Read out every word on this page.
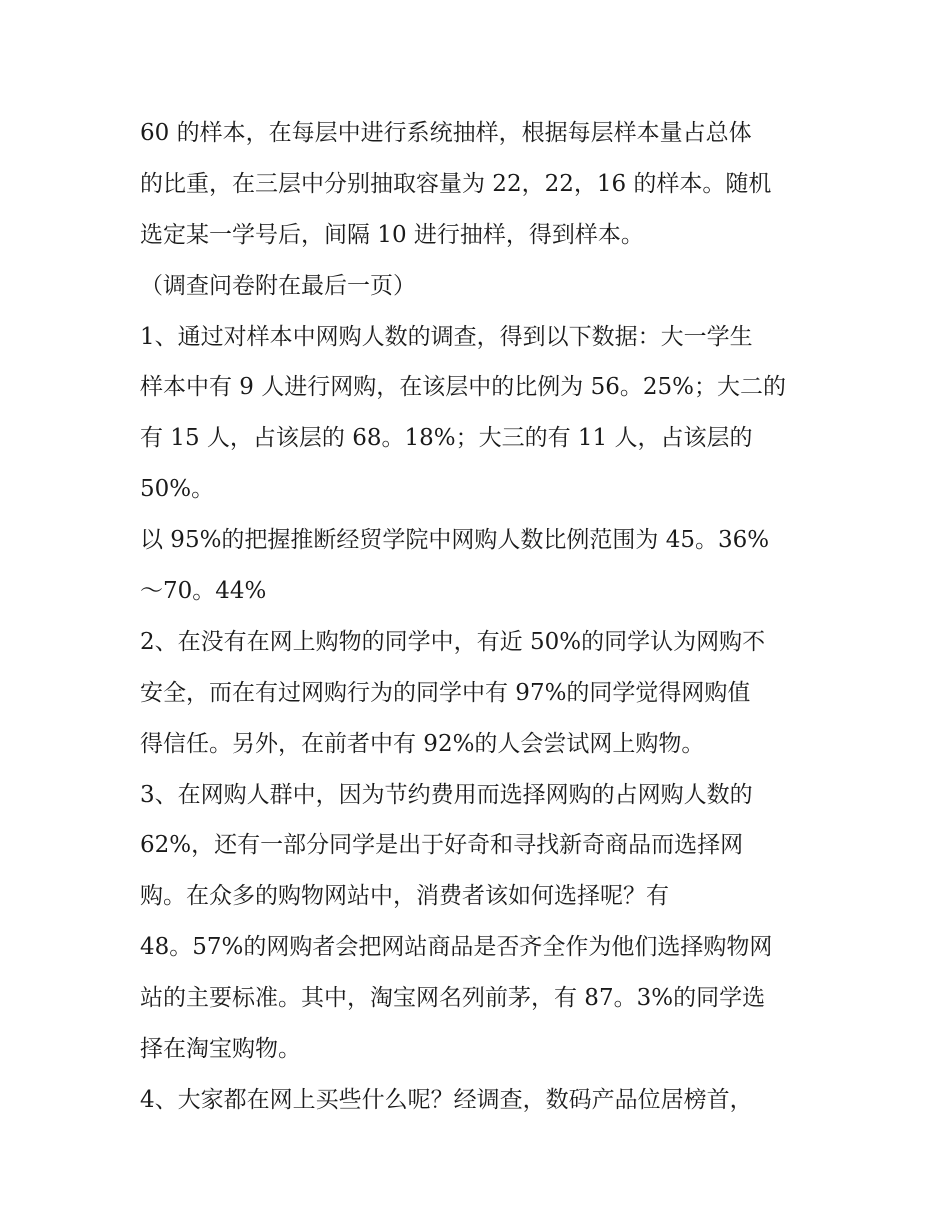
60 的样本，在每层中进行系统抽样，根据每层样本量占总体
的比重，在三层中分别抽取容量为 22，22，16 的样本。随机
选定某一学号后，间隔 10 进行抽样，得到样本。
（调查问卷附在最后一页）
1、通过对样本中网购人数的调查，得到以下数据：大一学生
样本中有 9 人进行网购，在该层中的比例为 56。25%；大二的
有 15 人，占该层的 68。18%；大三的有 11 人，占该层的
50%。
以 95%的把握推断经贸学院中网购人数比例范围为 45。36%
～70。44%
2、在没有在网上购物的同学中，有近 50%的同学认为网购不
安全，而在有过网购行为的同学中有 97%的同学觉得网购值
得信任。另外，在前者中有 92%的人会尝试网上购物。
3、在网购人群中，因为节约费用而选择网购的占网购人数的
62%，还有一部分同学是出于好奇和寻找新奇商品而选择网
购。在众多的购物网站中，消费者该如何选择呢？有
48。57%的网购者会把网站商品是否齐全作为他们选择购物网
站的主要标准。其中，淘宝网名列前茅，有 87。3%的同学选
择在淘宝购物。
4、大家都在网上买些什么呢？经调查，数码产品位居榜首，
